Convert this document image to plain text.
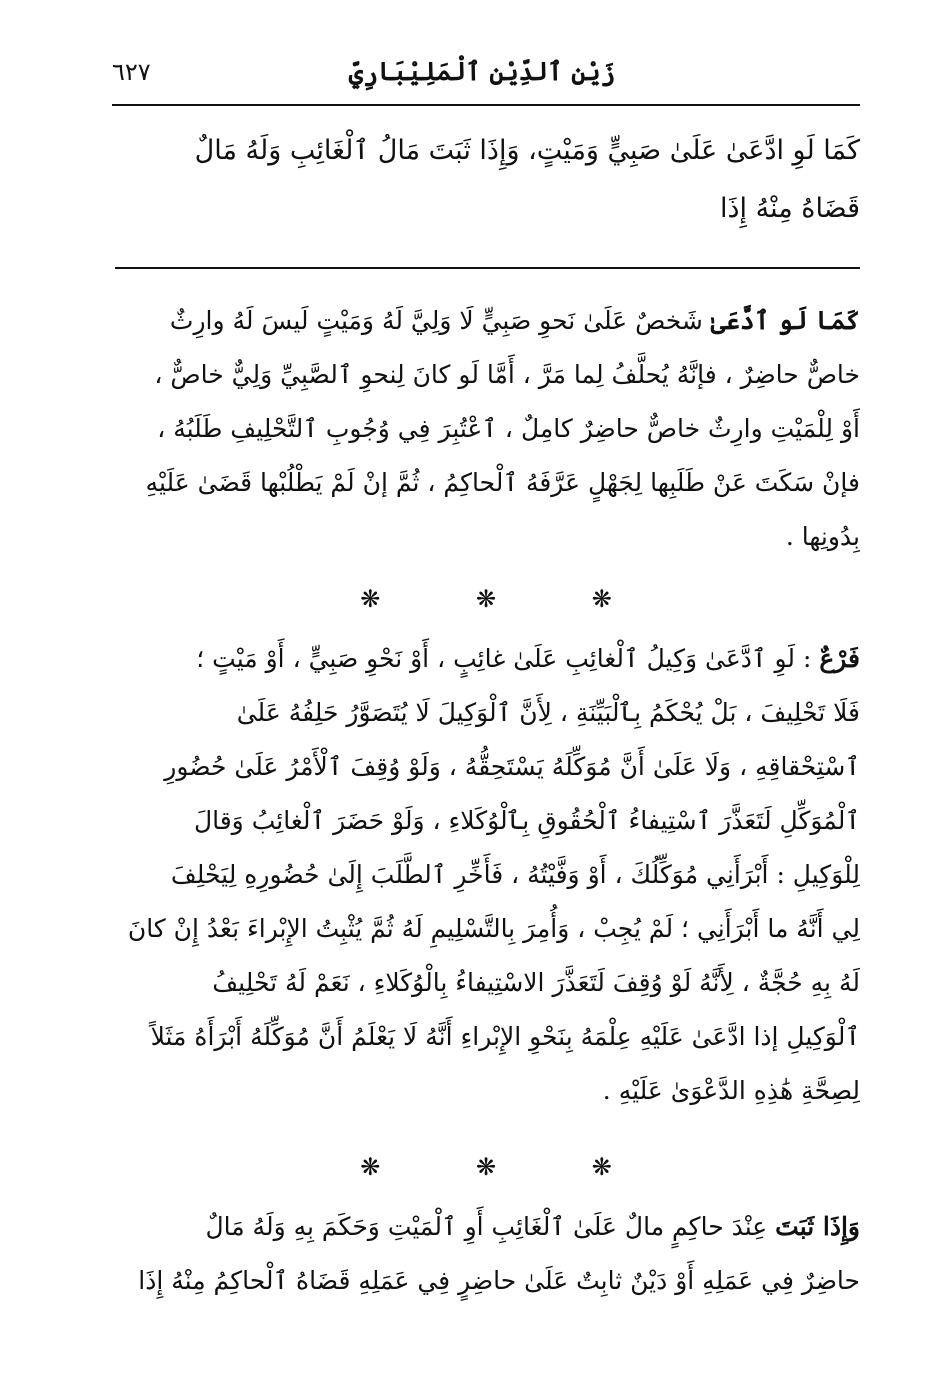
زَيْن ٱلدِّيْن ٱلْمَلِيْبَارِيّ
٦٢٧
كَمَا لَوِ ادَّعَىٰ عَلَىٰ صَبِيٍّ وَمَيْتٍ، وَإِذَا ثَبَتَ مَالُ ٱلْغَائِبِ وَلَهُ مَالٌ
قَضَاهُ مِنْهُ إِذَا
كَمَا لَو ٱدَّعَىٰ شَخصٌ عَلَىٰ نَحوِ صَبِيٍّ لَا وَلِيَّ لَهُ وَمَيْتٍ لَيسَ لَهُ وارِثٌ
خاصٌّ حاضِرٌ ، فإنَّهُ يُحلَّفُ لِما مَرَّ ، أَمَّا لَو كانَ لِنحوِ ٱلصَّبِيِّ وَلِيٌّ خاصٌّ ،
أَوْ لِلْمَيْتِ وارِثٌ خاصٌّ حاضِرٌ كامِلٌ ، ٱعْتُبِرَ فِي وُجُوبِ ٱلتَّحْلِيفِ طَلَبُهُ ،
فإنْ سَكَتَ عَنْ طَلَبِها لِجَهْلٍ عَرَّفَهُ ٱلْحاكِمُ ، ثُمَّ إنْ لَمْ يَطْلُبْها قَضَىٰ عَلَيْهِ
بِدُونِها .
❋	❋	❋
فَرْعٌ : لَوِ ٱدَّعَىٰ وَكِيلُ ٱلْغائِبِ عَلَىٰ غائِبٍ ، أَوْ نَحْوِ صَبِيٍّ ، أَوْ مَيْتٍ ؛
فَلَا تَحْلِيفَ ، بَلْ يُحْكَمُ بِٱلْبَيِّنَةِ ، لِأَنَّ ٱلْوَكِيلَ لَا يُتَصَوَّرُ حَلِفُهُ عَلَىٰ
ٱسْتِحْقاقِهِ ، وَلَا عَلَىٰ أَنَّ مُوَكِّلَهُ يَسْتَحِقُّهُ ، وَلَوْ وُقِفَ ٱلْأَمْرُ عَلَىٰ حُضُورِ
ٱلْمُوَكِّلِ لَتَعَذَّرَ ٱسْتِيفاءُ ٱلْحُقُوقِ بِٱلْوُكَلاءِ ، وَلَوْ حَضَرَ ٱلْغائِبُ وَقالَ
لِلْوَكِيلِ : أَبْرَأَنِي مُوَكِّلُكَ ، أَوْ وَفَّيْتُهُ ، فَأَخِّرِ ٱلطَّلَبَ إِلَىٰ حُضُورِهِ لِيَحْلِفَ
لِي أَنَّهُ ما أَبْرَأَنِي ؛ لَمْ يُجِبْ ، وَأُمِرَ بِالتَّسْلِيمِ لَهُ ثُمَّ يُثْبِتُ الإِبْراءَ بَعْدُ إِنْ كانَ
لَهُ بِهِ حُجَّةٌ ، لِأَنَّهُ لَوْ وُقِفَ لَتَعَذَّرَ الاسْتِيفاءُ بِالْوُكَلاءِ ، نَعَمْ لَهُ تَحْلِيفُ
ٱلْوَكِيلِ إذا ادَّعَىٰ عَلَيْهِ عِلْمَهُ بِنَحْوِ الإِبْراءِ أَنَّهُ لَا يَعْلَمُ أَنَّ مُوَكِّلَهُ أَبْرَأَهُ مَثَلاً
لِصِحَّةِ هَٰذِهِ الدَّعْوَىٰ عَلَيْهِ .
❋	❋	❋
وَإِذَا ثَبَتَ عِنْدَ حاكِمٍ مالٌ عَلَىٰ ٱلْغَائِبِ أَوِ ٱلْمَيْتِ وَحَكَمَ بِهِ وَلَهُ مَالٌ
حاضِرٌ فِي عَمَلِهِ أَوْ دَيْنٌ ثابِتٌ عَلَىٰ حاضِرٍ فِي عَمَلِهِ قَضَاهُ ٱلْحاكِمُ مِنْهُ إِذَا
